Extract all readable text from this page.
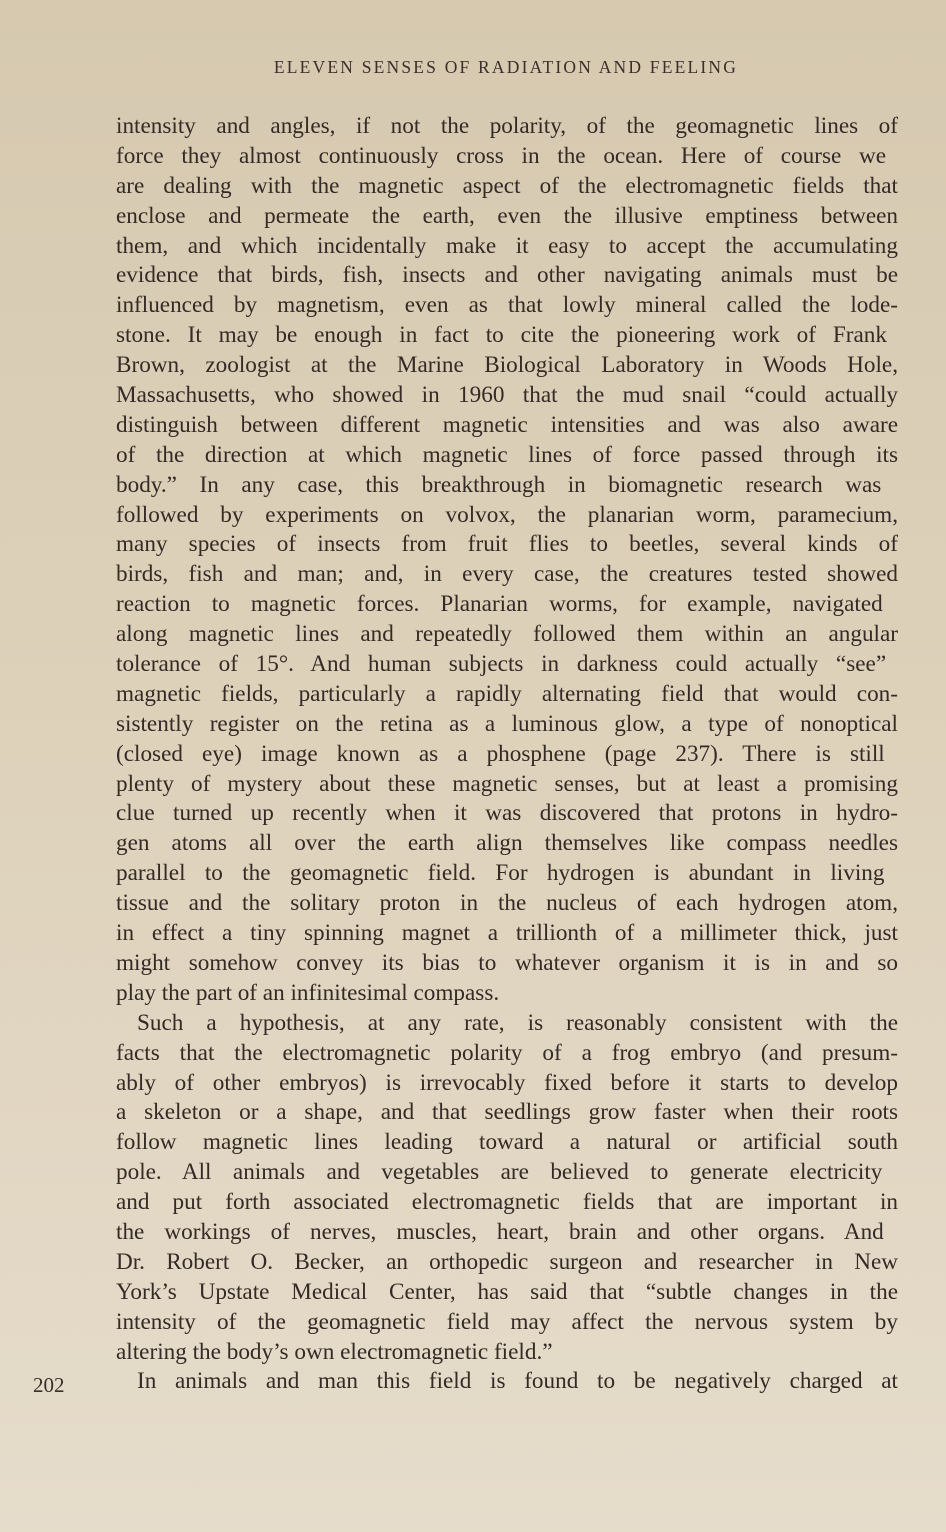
ELEVEN SENSES OF RADIATION AND FEELING
intensity and angles, if not the polarity, of the geomagnetic lines of
force they almost continuously cross in the ocean. Here of course we
are dealing with the magnetic aspect of the electromagnetic fields that
enclose and permeate the earth, even the illusive emptiness between
them, and which incidentally make it easy to accept the accumulating
evidence that birds, fish, insects and other navigating animals must be
influenced by magnetism, even as that lowly mineral called the lode-
stone. It may be enough in fact to cite the pioneering work of Frank
Brown, zoologist at the Marine Biological Laboratory in Woods Hole,
Massachusetts, who showed in 1960 that the mud snail “could actually
distinguish between different magnetic intensities and was also aware
of the direction at which magnetic lines of force passed through its
body.” In any case, this breakthrough in biomagnetic research was
followed by experiments on volvox, the planarian worm, paramecium,
many species of insects from fruit flies to beetles, several kinds of
birds, fish and man; and, in every case, the creatures tested showed
reaction to magnetic forces. Planarian worms, for example, navigated
along magnetic lines and repeatedly followed them within an angular
tolerance of 15°. And human subjects in darkness could actually “see”
magnetic fields, particularly a rapidly alternating field that would con-
sistently register on the retina as a luminous glow, a type of nonoptical
(closed eye) image known as a phosphene (page 237). There is still
plenty of mystery about these magnetic senses, but at least a promising
clue turned up recently when it was discovered that protons in hydro-
gen atoms all over the earth align themselves like compass needles
parallel to the geomagnetic field. For hydrogen is abundant in living
tissue and the solitary proton in the nucleus of each hydrogen atom,
in effect a tiny spinning magnet a trillionth of a millimeter thick, just
might somehow convey its bias to whatever organism it is in and so
play the part of an infinitesimal compass.
Such a hypothesis, at any rate, is reasonably consistent with the
facts that the electromagnetic polarity of a frog embryo (and presum-
ably of other embryos) is irrevocably fixed before it starts to develop
a skeleton or a shape, and that seedlings grow faster when their roots
follow magnetic lines leading toward a natural or artificial south
pole. All animals and vegetables are believed to generate electricity
and put forth associated electromagnetic fields that are important in
the workings of nerves, muscles, heart, brain and other organs. And
Dr. Robert O. Becker, an orthopedic surgeon and researcher in New
York’s Upstate Medical Center, has said that “subtle changes in the
intensity of the geomagnetic field may affect the nervous system by
altering the body’s own electromagnetic field.”
In animals and man this field is found to be negatively charged at
202
